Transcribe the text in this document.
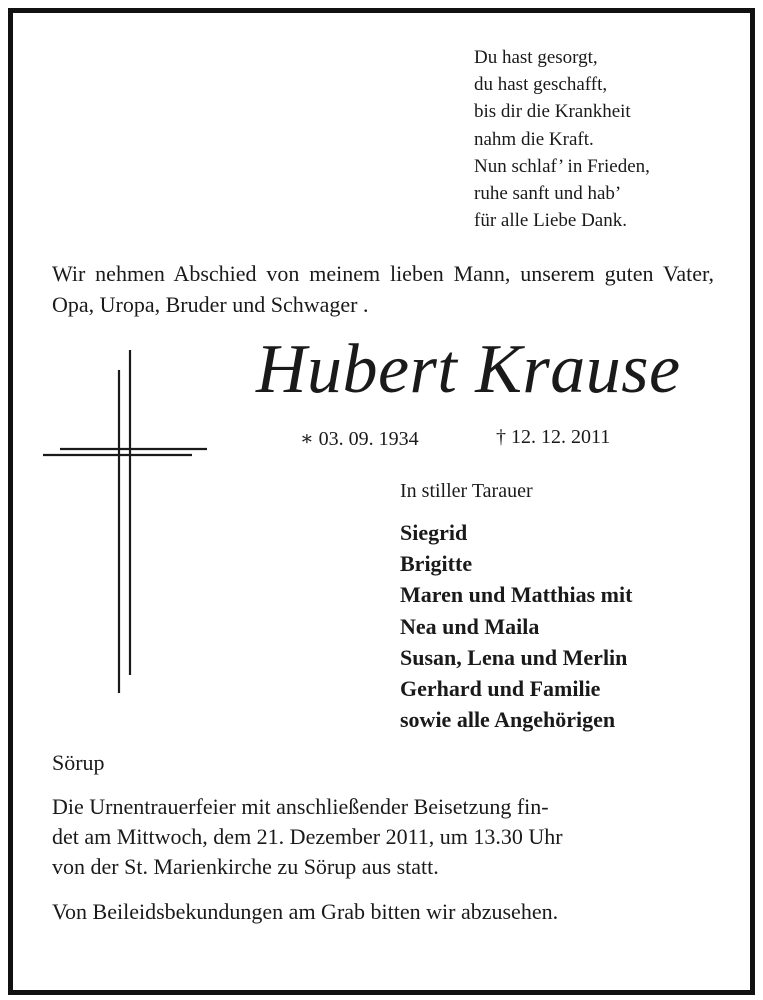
Du hast gesorgt,
du hast geschafft,
bis dir die Krankheit
nahm die Kraft.
Nun schlaf’ in Frieden,
ruhe sanft und hab’
für alle Liebe Dank.
Wir nehmen Abschied von meinem lieben Mann, unserem guten Vater, Opa, Uropa, Bruder und Schwager .
Hubert Krause
∗ 03. 09. 1934	† 12. 12. 2011
In stiller Tarauer
Siegrid
Brigitte
Maren und Matthias mit
Nea und Maila
Susan, Lena und Merlin
Gerhard und Familie
sowie alle Angehörigen
Sörup
Die Urnentrauerfeier mit anschließender Beisetzung fin-
det am Mittwoch, dem 21. Dezember 2011, um 13.30 Uhr
von der St. Marienkirche zu Sörup aus statt.
Von Beileidsbekundungen am Grab bitten wir abzusehen.
